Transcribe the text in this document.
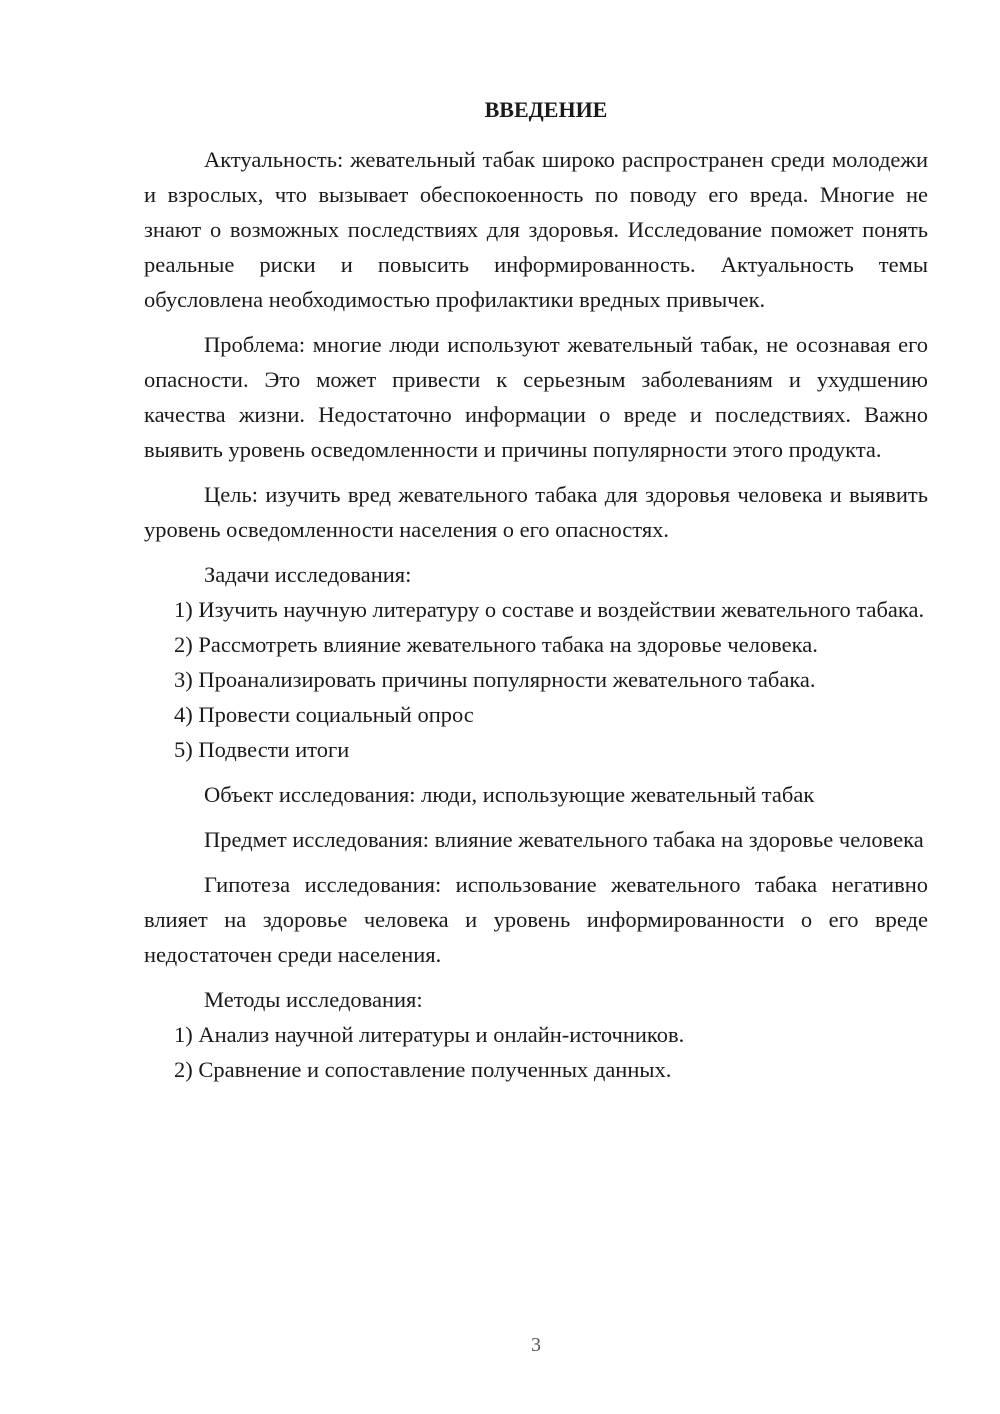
ВВЕДЕНИЕ

Актуальность: жевательный табак широко распространен среди молодежи и взрослых, что вызывает обеспокоенность по поводу его вреда. Многие не знают о возможных последствиях для здоровья. Исследование поможет понять реальные риски и повысить информированность. Актуальность темы обусловлена необходимостью профилактики вредных привычек.

Проблема: многие люди используют жевательный табак, не осознавая его опасности. Это может привести к серьезным заболеваниям и ухудшению качества жизни. Недостаточно информации о вреде и последствиях. Важно выявить уровень осведомленности и причины популярности этого продукта.

Цель: изучить вред жевательного табака для здоровья человека и выявить уровень осведомленности населения о его опасностях.

Задачи исследования:

1) Изучить научную литературу о составе и воздействии жевательного табака.

2) Рассмотреть влияние жевательного табака на здоровье человека.

3) Проанализировать причины популярности жевательного табака.

4) Провести социальный опрос

5) Подвести итоги

Объект исследования: люди, использующие жевательный табак

Предмет исследования: влияние жевательного табака на здоровье человека

Гипотеза исследования: использование жевательного табака негативно влияет на здоровье человека и уровень информированности о его вреде недостаточен среди населения.

Методы исследования:

1) Анализ научной литературы и онлайн-источников.

2) Сравнение и сопоставление полученных данных.

3
